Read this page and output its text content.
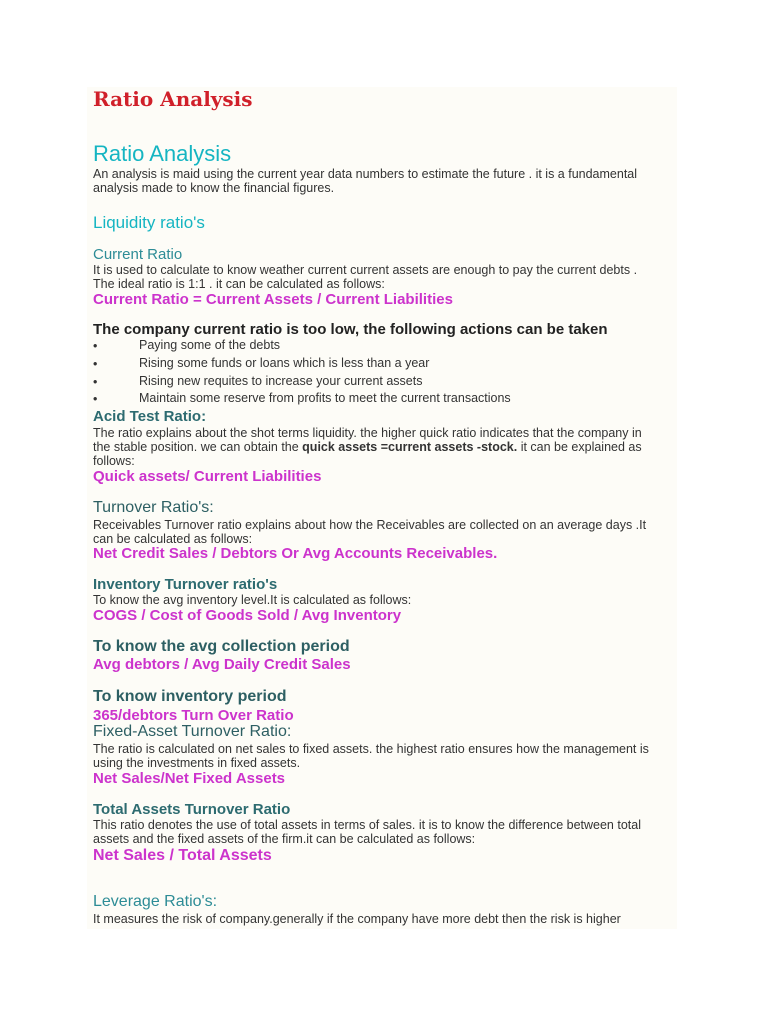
Ratio Analysis
Ratio Analysis
An analysis is maid using the current year data numbers to estimate the future . it is a fundamental
analysis made to know the financial figures.
Liquidity ratio's
Current Ratio
It is used to calculate to know weather current current assets are enough to pay the current debts .
The ideal ratio is 1:1 . it can be calculated as follows:
Current Ratio = Current Assets / Current Liabilities
The company current ratio is too low, the following actions can be taken
•	Paying some of the debts
•	Rising some funds or loans which is less than a year
•	Rising new requites to increase your current assets
•	Maintain some reserve from profits to meet the current transactions
Acid Test Ratio:
The ratio explains about the shot terms liquidity. the higher quick ratio indicates that the company in
the stable position. we can obtain the quick assets =current assets -stock. it can be explained as
follows:
Quick assets/ Current Liabilities
Turnover Ratio's:
Receivables Turnover ratio explains about how the Receivables are collected on an average days .It
can be calculated as follows:
Net Credit Sales / Debtors Or Avg Accounts Receivables.
Inventory Turnover ratio's
To know the avg inventory level.It is calculated as follows:
COGS / Cost of Goods Sold / Avg Inventory
To know the avg collection period
Avg debtors / Avg Daily Credit Sales
To know inventory period
365/debtors Turn Over Ratio
Fixed-Asset Turnover Ratio:
The ratio is calculated on net sales to fixed assets. the highest ratio ensures how the management is
using the investments in fixed assets.
Net Sales/Net Fixed Assets
Total Assets Turnover Ratio
This ratio denotes the use of total assets in terms of sales. it is to know the difference between total
assets and the fixed assets of the firm.it can be calculated as follows:
Net Sales / Total Assets
Leverage Ratio's:
It measures the risk of company.generally if the company have more debt then the risk is higher
